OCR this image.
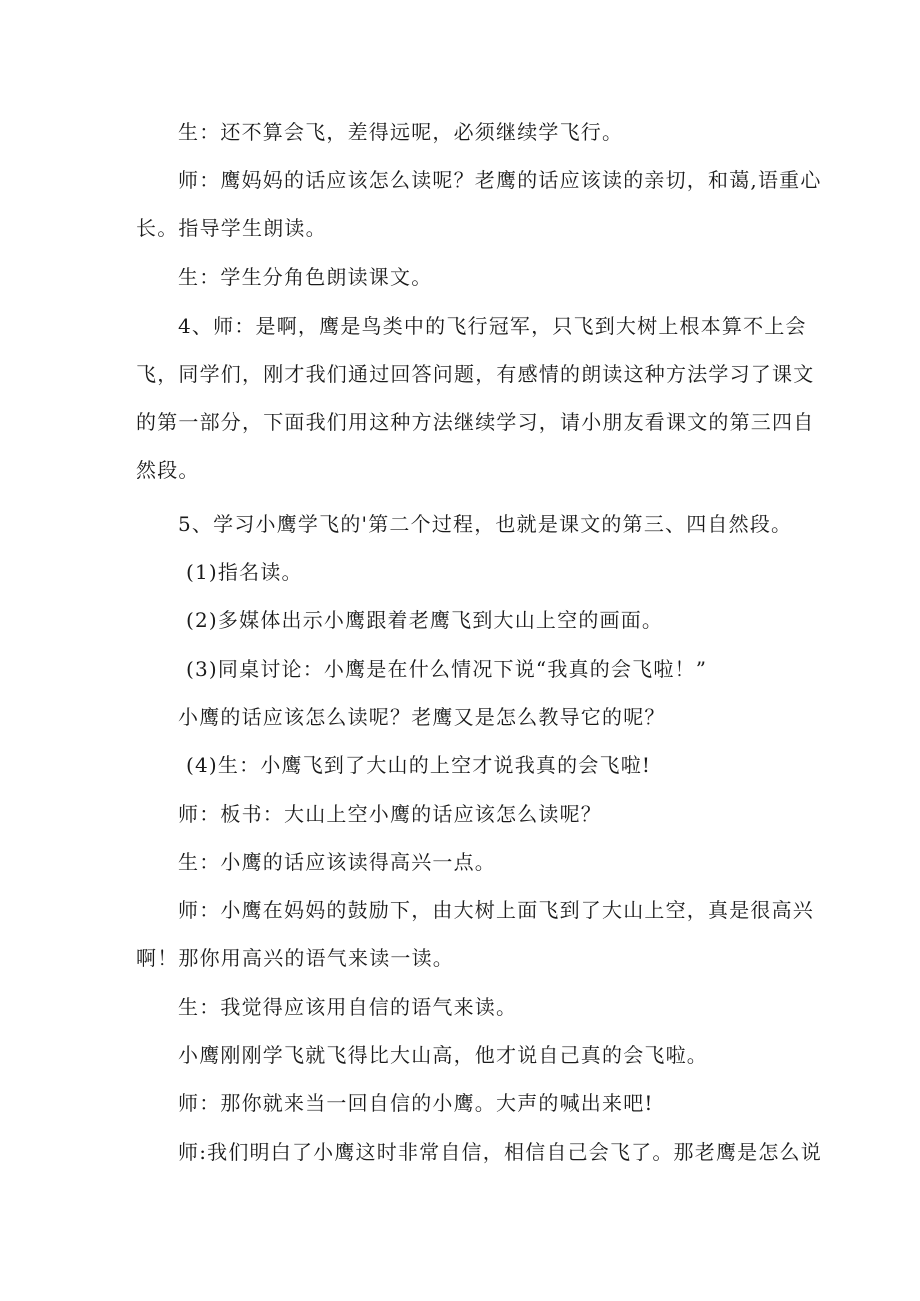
生：还不算会飞，差得远呢，必须继续学飞行。
师：鹰妈妈的话应该怎么读呢？老鹰的话应该读的亲切，和蔼,语重心
长。指导学生朗读。
生：学生分角色朗读课文。
4、师：是啊，鹰是鸟类中的飞行冠军，只飞到大树上根本算不上会
飞，同学们，刚才我们通过回答问题，有感情的朗读这种方法学习了课文
的第一部分，下面我们用这种方法继续学习，请小朋友看课文的第三四自
然段。
5、学习小鹰学飞的'第二个过程，也就是课文的第三、四自然段。
(1)指名读。
(2)多媒体出示小鹰跟着老鹰飞到大山上空的画面。
(3)同桌讨论：小鹰是在什么情况下说“我真的会飞啦！”
小鹰的话应该怎么读呢？老鹰又是怎么教导它的呢？
(4)生：小鹰飞到了大山的上空才说我真的会飞啦!
师：板书：大山上空小鹰的话应该怎么读呢？
生：小鹰的话应该读得高兴一点。
师：小鹰在妈妈的鼓励下，由大树上面飞到了大山上空，真是很高兴
啊！那你用高兴的语气来读一读。
生：我觉得应该用自信的语气来读。
小鹰刚刚学飞就飞得比大山高，他才说自己真的会飞啦。
师：那你就来当一回自信的小鹰。大声的喊出来吧!
师:我们明白了小鹰这时非常自信，相信自己会飞了。那老鹰是怎么说
